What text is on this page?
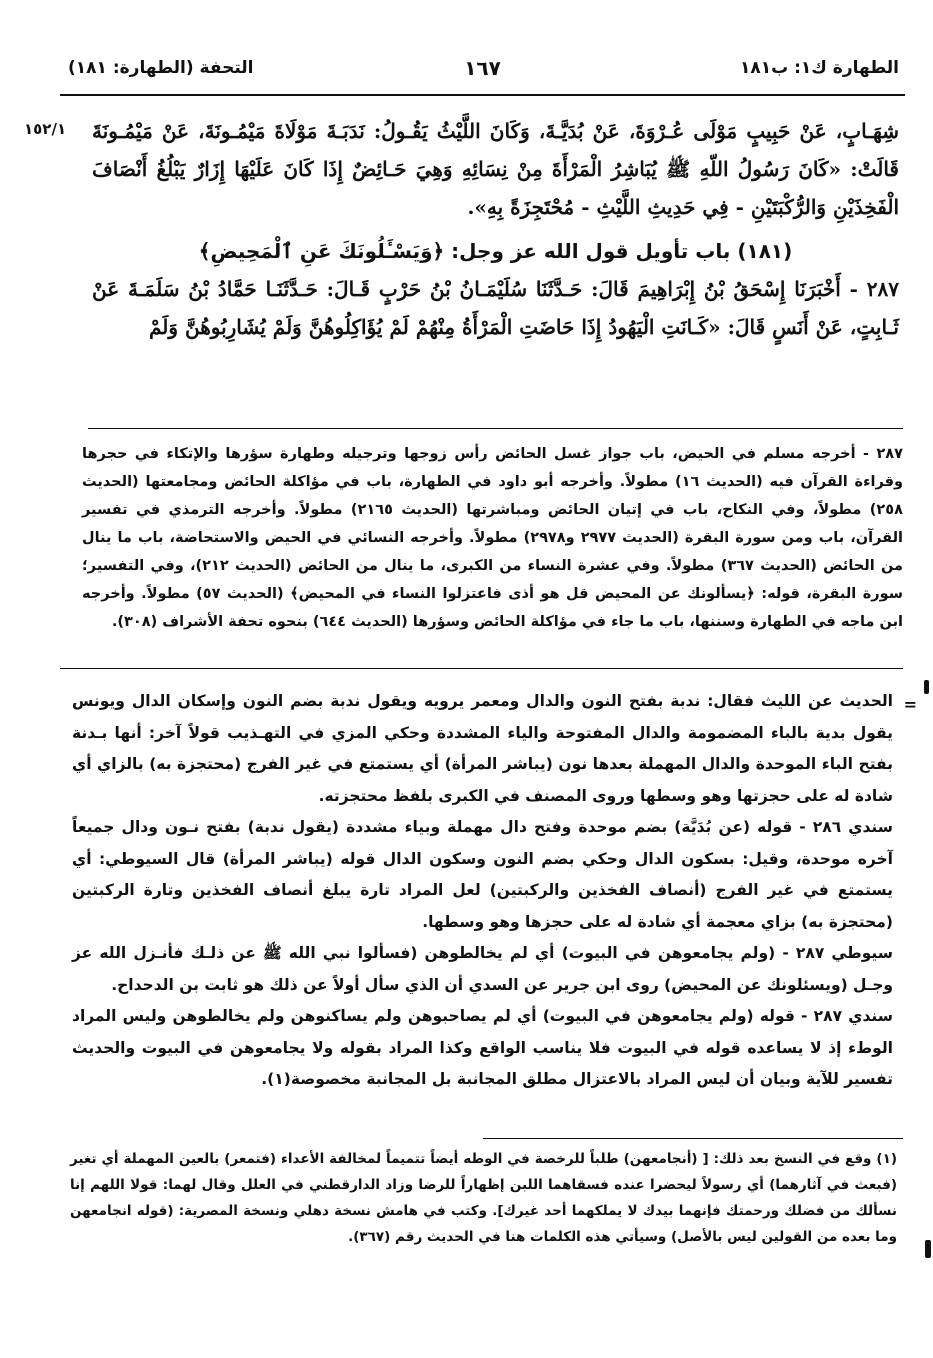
الطهارة ك١: ب١٨١
١٦٧
التحفة (الطهارة: ١٨١)
١٥٢/١ شِهَـابٍ، عَنْ حَبِيبٍ مَوْلَى عُـرْوَةَ، عَنْ بُدَيَّـةَ، وَكَانَ اللَّيْثُ يَقُـولُ: نَدَبَـةَ مَوْلَاةَ مَيْمُـونَةَ، عَنْ مَيْمُـونَةَ قَالَتْ: «كَانَ رَسُولُ اللّهِ ﷺ يُبَاشِرُ الْمَرْأَةَ مِنْ نِسَائِهِ وَهِيَ حَـائِضٌ إِذَا كَانَ عَلَيْهَا إِزَارٌ يَبْلُغُ أَنْصَافَ الْفَخِذَيْنِ وَالرُّكْبَتَيْنِ - فِي حَدِيثِ اللَّيْثِ - مُحْتَجِزَةً بِهِ».

(١٨١) باب تأويل قول الله عز وجل: ﴿وَيَسْـَٔلُونَكَ عَنِ ٱلْمَحِيضِ﴾

٢٨٧ - أَخْبَرَنَا إِسْحَقُ بْنُ إِبْرَاهِيمَ قَالَ: حَـدَّثَنَا سُلَيْمَـانُ بْنُ حَرْبٍ قَـالَ: حَـدَّثَنَـا حَمَّادُ بْنُ سَلَمَـةَ عَنْ ثَـابِتٍ، عَنْ أَنَسٍ قَالَ: «كَـانَتِ الْيَهُودُ إِذَا حَاضَتِ الْمَرْأَةُ مِنْهُمْ لَمْ يُؤَاكِلُوهُنَّ وَلَمْ يُشَارِبُوهُنَّ وَلَمْ

٢٨٧ - أخرجه مسلم في الحيض، باب جواز غسل الحائض رأس زوجها وترجيله وطهارة سؤرها والإتكاء في حجرها وقراءة القرآن فيه (الحديث ١٦) مطولاً. وأخرجه أبو داود في الطهارة، باب في مؤاكلة الحائض ومجامعتها (الحديث ٢٥٨) مطولاً، وفي النكاح، باب في إتيان الحائض ومباشرتها (الحديث ٢١٦٥) مطولاً. وأخرجه الترمذي في تفسير القرآن، باب ومن سورة البقرة (الحديث ٢٩٧٧ و٢٩٧٨) مطولاً. وأخرجه النسائي في الحيض والاستحاضة، باب ما ينال من الحائض (الحديث ٣٦٧) مطولاً. وفي عشرة النساء من الكبرى، ما ينال من الحائض (الحديث ٢١٢)، وفي التفسير؛ سورة البقرة، قوله: ﴿يسألونك عن المحيض قل هو أذى فاعتزلوا النساء في المحيض﴾ (الحديث ٥٧) مطولاً. وأخرجه ابن ماجه في الطهارة وسننها، باب ما جاء في مؤاكلة الحائض وسؤرها (الحديث ٦٤٤) بنحوه تحفة الأشراف (٣٠٨).

=

الحديث عن الليث فقال: ندبة بفتح النون والدال ومعمر يرويه ويقول ندبة بضم النون وإسكان الدال ويونس يقول بدية بالباء المضمومة والدال المفتوحة والياء المشددة وحكي المزي في التهـذيب قولاً آخر: أنها بـدنة بفتح الباء الموحدة والدال المهملة بعدها نون (يباشر المرأة) أي يستمتع في غير الفرج (محتجزة به) بالزاي أي شادة له على حجزتها وهو وسطها وروى المصنف في الكبرى بلفظ محتجزته.

سندي ٢٨٦ - قوله (عن بُدَيَّة) بضم موحدة وفتح دال مهملة وبياء مشددة (يقول ندبة) بفتح نـون ودال جميعاً آخره موحدة، وقيل: بسكون الدال وحكي بضم النون وسكون الدال قوله (يباشر المرأة) قال السيوطي: أي يستمتع في غير الفرج (أنصاف الفخذين والركبتين) لعل المراد تارة يبلغ أنصاف الفخذين وتارة الركبتين (محتجزة به) بزاي معجمة أي شادة له على حجزها وهو وسطها.

سيوطي ٢٨٧ - (ولم يجامعوهن في البيوت) أي لم يخالطوهن (فسألوا نبي الله ﷺ عن ذلـك فأنـزل الله عز وجـل (ويسئلونك عن المحيض) روى ابن جرير عن السدي أن الذي سأل أولاً عن ذلك هو ثابت بن الدحداح.

سندي ٢٨٧ - قوله (ولم يجامعوهن في البيوت) أي لم يصاحبوهن ولم يساكنوهن ولم يخالطوهن وليس المراد الوطء إذ لا يساعده قوله في البيوت فلا يناسب الواقع وكذا المراد بقوله ولا يجامعوهن في البيوت والحديث تفسير للآية وبيان أن ليس المراد بالاعتزال مطلق المجانبة بل المجانبة مخصوصة(١).

(١) وقع في النسخ بعد ذلك: [ (أنجامعهن) طلباً للرخصة في الوطه أيضاً تتميماً لمخالفة الأعداء (فتمعر) بالعين المهملة أي تغير (فبعث في آثارهما) أي رسولاً ليحضرا عنده فسقاهما اللبن إظهاراً للرضا وزاد الدارقطني في العلل وقال لهما: قولا اللهم إنا نسألك من فضلك ورحمتك فإنهما بيدك لا يملكهما أحد غيرك]. وكتب في هامش نسخة دهلي ونسخة المصرية: (قوله انجامعهن وما بعده من القولين ليس بالأصل) وسيأتي هذه الكلمات هنا في الحديث رقم (٣٦٧).
